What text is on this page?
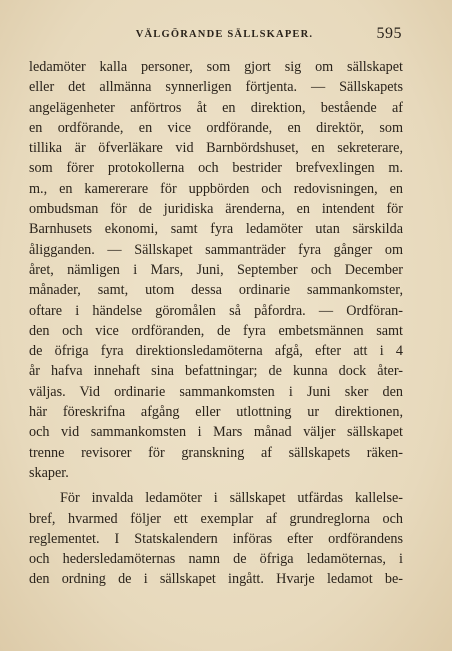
VÄLGÖRANDE SÄLLSKAPER.	595
ledamöter kalla personer, som gjort sig om sällskapet
eller det allmänna synnerligen förtjenta. — Sällskapets
angelägenheter anförtros åt en direktion, bestående af
en ordförande, en vice ordförande, en direktör, som
tillika är öfverläkare vid Barnbördshuset, en sekreterare,
som förer protokollerna och bestrider brefvexlingen m.
m., en kamererare för uppbörden och redovisningen, en
ombudsman för de juridiska ärenderna, en intendent för
Barnhusets ekonomi, samt fyra ledamöter utan särskilda
åligganden. — Sällskapet sammanträder fyra gånger om
året, nämligen i Mars, Juni, September och December
månader, samt, utom dessa ordinarie sammankomster,
oftare i händelse göromålen så påfordra. — Ordföran-
den och vice ordföranden, de fyra embetsmännen samt
de öfriga fyra direktionsledamöterna afgå, efter att i 4
år hafva innehaft sina befattningar; de kunna dock åter-
väljas. Vid ordinarie sammankomsten i Juni sker den
här föreskrifna afgång eller utlottning ur direktionen,
och vid sammankomsten i Mars månad väljer sällskapet
trenne revisorer för granskning af sällskapets räken-
skaper.
För invalda ledamöter i sällskapet utfärdas kallelse-
bref, hvarmed följer ett exemplar af grundreglorna och
reglementet. I Statskalendern införas efter ordförandens
och hedersledamöternas namn de öfriga ledamöternas, i
den ordning de i sällskapet ingått. Hvarje ledamot be-
